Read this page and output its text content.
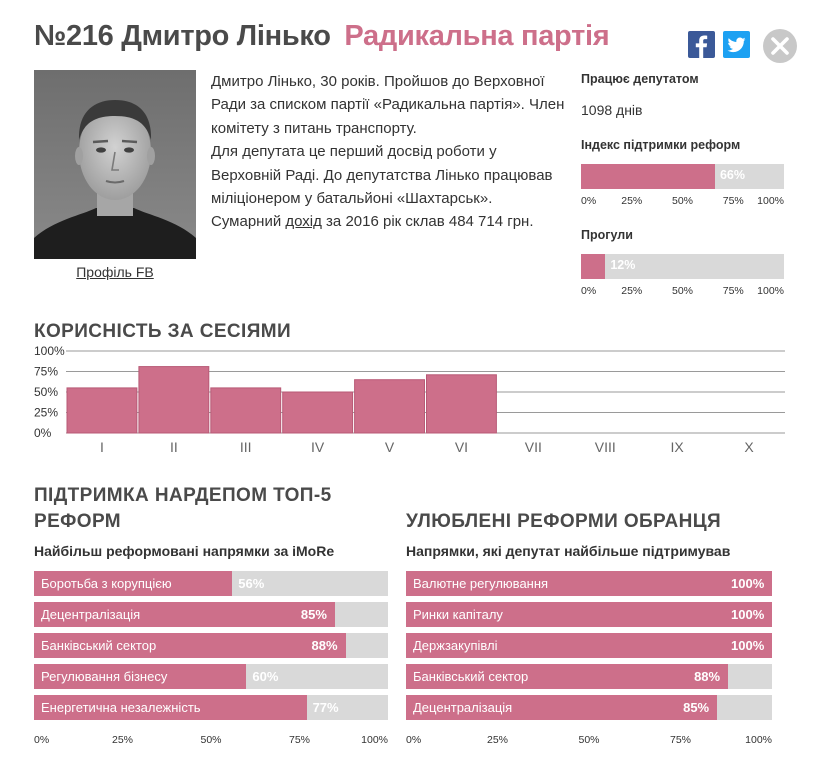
№216 Дмитро Лінько Радикальна партія
Профіль FB

Дмитро Лінько, 30 років. Пройшов до Верховної Ради за списком партії «Радикальна партія». Член комітету з питань транспорту.

Для депутата це перший досвід роботи у Верховній Раді. До депутатства Лінько працював міліціонером у батальйоні «Шахтарськ».

Сумарний дохід за 2016 рік склав 484 714 грн.

Працює депутатом
1098 днів
Індекс підтримки реформ
66%
0% 25%	50%	75% 100%
Прогули
12%
0% 25%	50%	75% 100%
КОРИСНІСТЬ ЗА СЕСІЯМИ
0%
25%
50%
75%
100%
I	II	III	IV	V	VI	VII	VIII	IX	X
ПІДТРИМКА НАРДЕПОМ ТОП-5 РЕФОРМ
Найбільш реформовані напрямки за iMoRe
Боротьба з корупцією	56%
Децентралізація	85%
Банківський сектор	88%
Регулювання бізнесу	60%
Енергетична незалежність	77%
0%	25%	50%	75%	100%
УЛЮБЛЕНІ РЕФОРМИ ОБРАНЦЯ
Напрямки, які депутат найбільше підтримував
Валютне регулювання	100%
Ринки капіталу	100%
Держзакупівлі	100%
Банківський сектор	88%
Децентралізація	85%
0%	25%	50%	75%	100%
